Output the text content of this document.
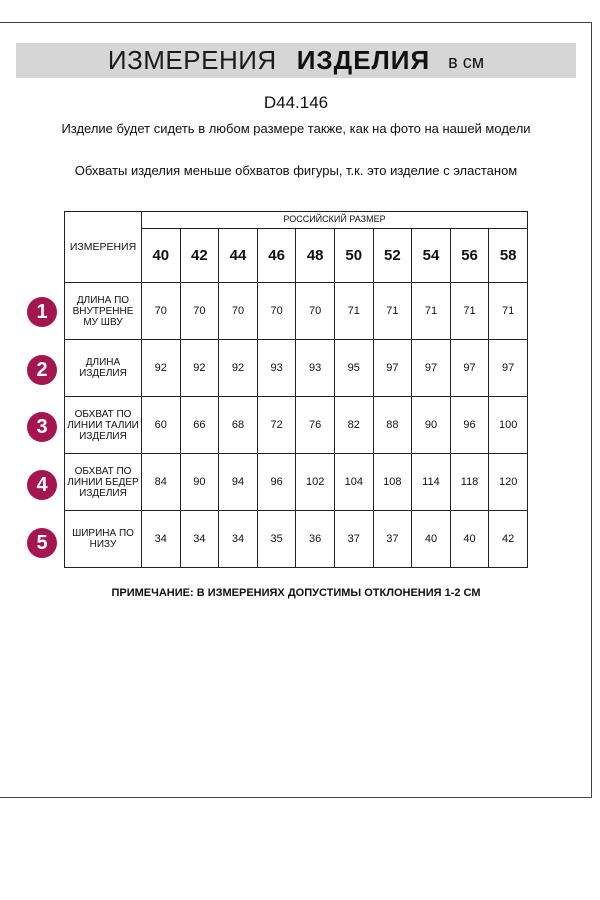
ИЗМЕРЕНИЯ ИЗДЕЛИЯ в см
D44.146
Изделие будет сидеть в любом размере также, как на фото на нашей модели
Обхваты изделия меньше обхватов фигуры, т.к. это изделие с эластаном
ИЗМЕРЕНИЯ	РОССИЙСКИЙ РАЗМЕР									
	40	42	44	46	48	50	52	54	56	58
ДЛИНА ПО ВНУТРЕННЕ МУ ШВУ	70	70	70	70	70	71	71	71	71	71
ДЛИНА ИЗДЕЛИЯ	92	92	92	93	93	95	97	97	97	97
ОБХВАТ ПО ЛИНИИ ТАЛИИ ИЗДЕЛИЯ	60	66	68	72	76	82	88	90	96	100
ОБХВАТ ПО ЛИНИИ БЕДЕР ИЗДЕЛИЯ	84	90	94	96	102	104	108	114	118	120
ШИРИНА ПО НИЗУ	34	34	34	35	36	37	37	40	40	42
1
2
3
4
5
ПРИМЕЧАНИЕ: В ИЗМЕРЕНИЯХ ДОПУСТИМЫ ОТКЛОНЕНИЯ 1-2 СМ
